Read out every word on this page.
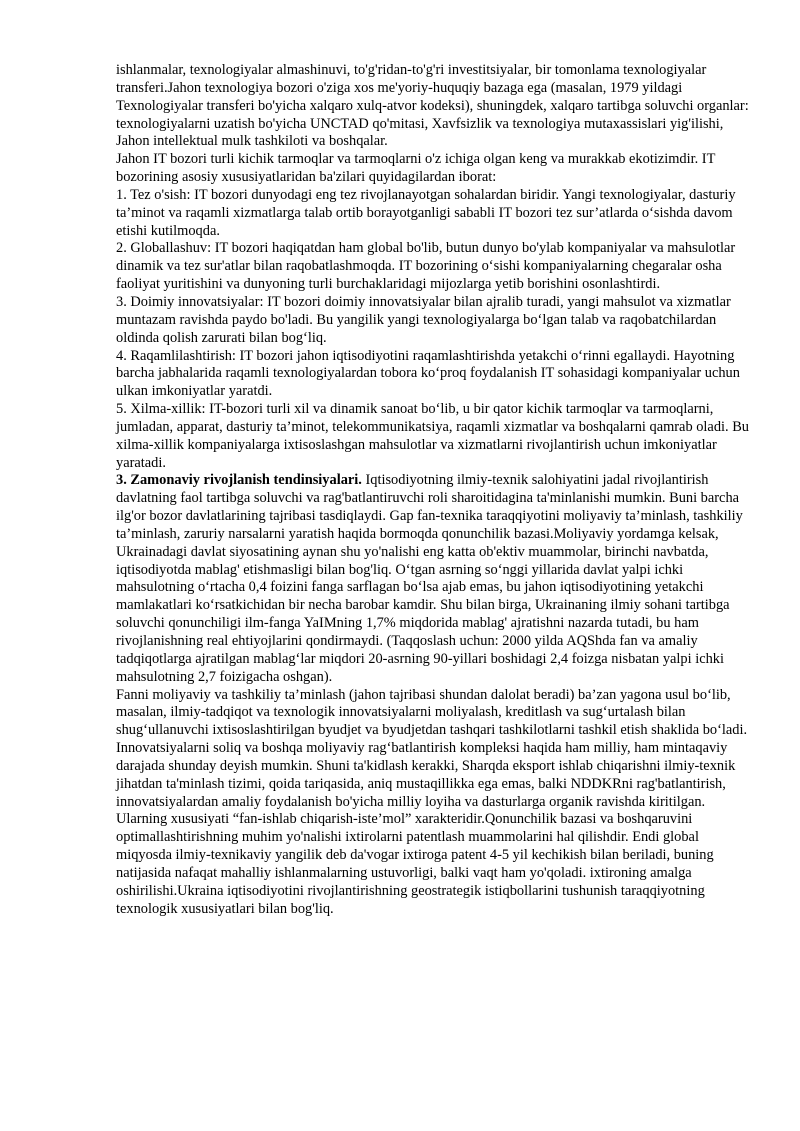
ishlanmalar, texnologiyalar almashinuvi, to'g'ridan-to'g'ri investitsiyalar, bir tomonlama texnologiyalar transferi.Jahon texnologiya bozori o'ziga xos me'yoriy-huquqiy bazaga ega (masalan, 1979 yildagi Texnologiyalar transferi bo'yicha xalqaro xulq-atvor kodeksi), shuningdek, xalqaro tartibga soluvchi organlar: texnologiyalarni uzatish bo'yicha UNCTAD qo'mitasi, Xavfsizlik va texnologiya mutaxassislari yig'ilishi, Jahon intellektual mulk tashkiloti va boshqalar.

Jahon IT bozori turli kichik tarmoqlar va tarmoqlarni o'z ichiga olgan keng va murakkab ekotizimdir. IT bozorining asosiy xususiyatlaridan ba'zilari quyidagilardan iborat:

1. Tez o'sish: IT bozori dunyodagi eng tez rivojlanayotgan sohalardan biridir. Yangi texnologiyalar, dasturiy ta’minot va raqamli xizmatlarga talab ortib borayotganligi sababli IT bozori tez sur’atlarda o‘sishda davom etishi kutilmoqda.

2. Globallashuv: IT bozori haqiqatdan ham global bo'lib, butun dunyo bo'ylab kompaniyalar va mahsulotlar dinamik va tez sur'atlar bilan raqobatlashmoqda. IT bozorining o‘sishi kompaniyalarning chegaralar osha faoliyat yuritishini va dunyoning turli burchaklaridagi mijozlarga yetib borishini osonlashtirdi.

3. Doimiy innovatsiyalar: IT bozori doimiy innovatsiyalar bilan ajralib turadi, yangi mahsulot va xizmatlar muntazam ravishda paydo bo'ladi. Bu yangilik yangi texnologiyalarga bo‘lgan talab va raqobatchilardan oldinda qolish zarurati bilan bog‘liq.

4. Raqamlilashtirish: IT bozori jahon iqtisodiyotini raqamlashtirishda yetakchi o‘rinni egallaydi. Hayotning barcha jabhalarida raqamli texnologiyalardan tobora ko‘proq foydalanish IT sohasidagi kompaniyalar uchun ulkan imkoniyatlar yaratdi.

5. Xilma-xillik: IT-bozori turli xil va dinamik sanoat bo‘lib, u bir qator kichik tarmoqlar va tarmoqlarni, jumladan, apparat, dasturiy ta’minot, telekommunikatsiya, raqamli xizmatlar va boshqalarni qamrab oladi. Bu xilma-xillik kompaniyalarga ixtisoslashgan mahsulotlar va xizmatlarni rivojlantirish uchun imkoniyatlar yaratadi.

3. Zamonaviy rivojlanish tendinsiyalari. Iqtisodiyotning ilmiy-texnik salohiyatini jadal rivojlantirish davlatning faol tartibga soluvchi va rag'batlantiruvchi roli sharoitidagina ta'minlanishi mumkin. Buni barcha ilg'or bozor davlatlarining tajribasi tasdiqlaydi. Gap fan-texnika taraqqiyotini moliyaviy ta’minlash, tashkiliy ta’minlash, zaruriy narsalarni yaratish haqida bormoqda qonunchilik bazasi.Moliyaviy yordamga kelsak, Ukrainadagi davlat siyosatining aynan shu yo'nalishi eng katta ob'ektiv muammolar, birinchi navbatda, iqtisodiyotda mablag' etishmasligi bilan bog'liq. O‘tgan asrning so‘nggi yillarida davlat yalpi ichki mahsulotning o‘rtacha 0,4 foizini fanga sarflagan bo‘lsa ajab emas, bu jahon iqtisodiyotining yetakchi mamlakatlari ko‘rsatkichidan bir necha barobar kamdir. Shu bilan birga, Ukrainaning ilmiy sohani tartibga soluvchi qonunchiligi ilm-fanga YaIMning 1,7% miqdorida mablag' ajratishni nazarda tutadi, bu ham rivojlanishning real ehtiyojlarini qondirmaydi. (Taqqoslash uchun: 2000 yilda AQShda fan va amaliy tadqiqotlarga ajratilgan mablag‘lar miqdori 20-asrning 90-yillari boshidagi 2,4 foizga nisbatan yalpi ichki mahsulotning 2,7 foizigacha oshgan).

Fanni moliyaviy va tashkiliy ta’minlash (jahon tajribasi shundan dalolat beradi) ba’zan yagona usul bo‘lib, masalan, ilmiy-tadqiqot va texnologik innovatsiyalarni moliyalash, kreditlash va sug‘urtalash bilan shug‘ullanuvchi ixtisoslashtirilgan byudjet va byudjetdan tashqari tashkilotlarni tashkil etish shaklida bo‘ladi. Innovatsiyalarni soliq va boshqa moliyaviy rag‘batlantirish kompleksi haqida ham milliy, ham mintaqaviy darajada shunday deyish mumkin. Shuni ta'kidlash kerakki, Sharqda eksport ishlab chiqarishni ilmiy-texnik jihatdan ta'minlash tizimi, qoida tariqasida, aniq mustaqillikka ega emas, balki NDDKRni rag'batlantirish, innovatsiyalardan amaliy foydalanish bo'yicha milliy loyiha va dasturlarga organik ravishda kiritilgan. Ularning xususiyati “fan-ishlab chiqarish-iste’mol” xarakteridir.Qonunchilik bazasi va boshqaruvini optimallashtirishning muhim yo'nalishi ixtirolarni patentlash muammolarini hal qilishdir. Endi global miqyosda ilmiy-texnikaviy yangilik deb da'vogar ixtiroga patent 4-5 yil kechikish bilan beriladi, buning natijasida nafaqat mahalliy ishlanmalarning ustuvorligi, balki vaqt ham yo'qoladi. ixtironing amalga oshirilishi.Ukraina iqtisodiyotini rivojlantirishning geostrategik istiqbollarini tushunish taraqqiyotning texnologik xususiyatlari bilan bog'liq.
